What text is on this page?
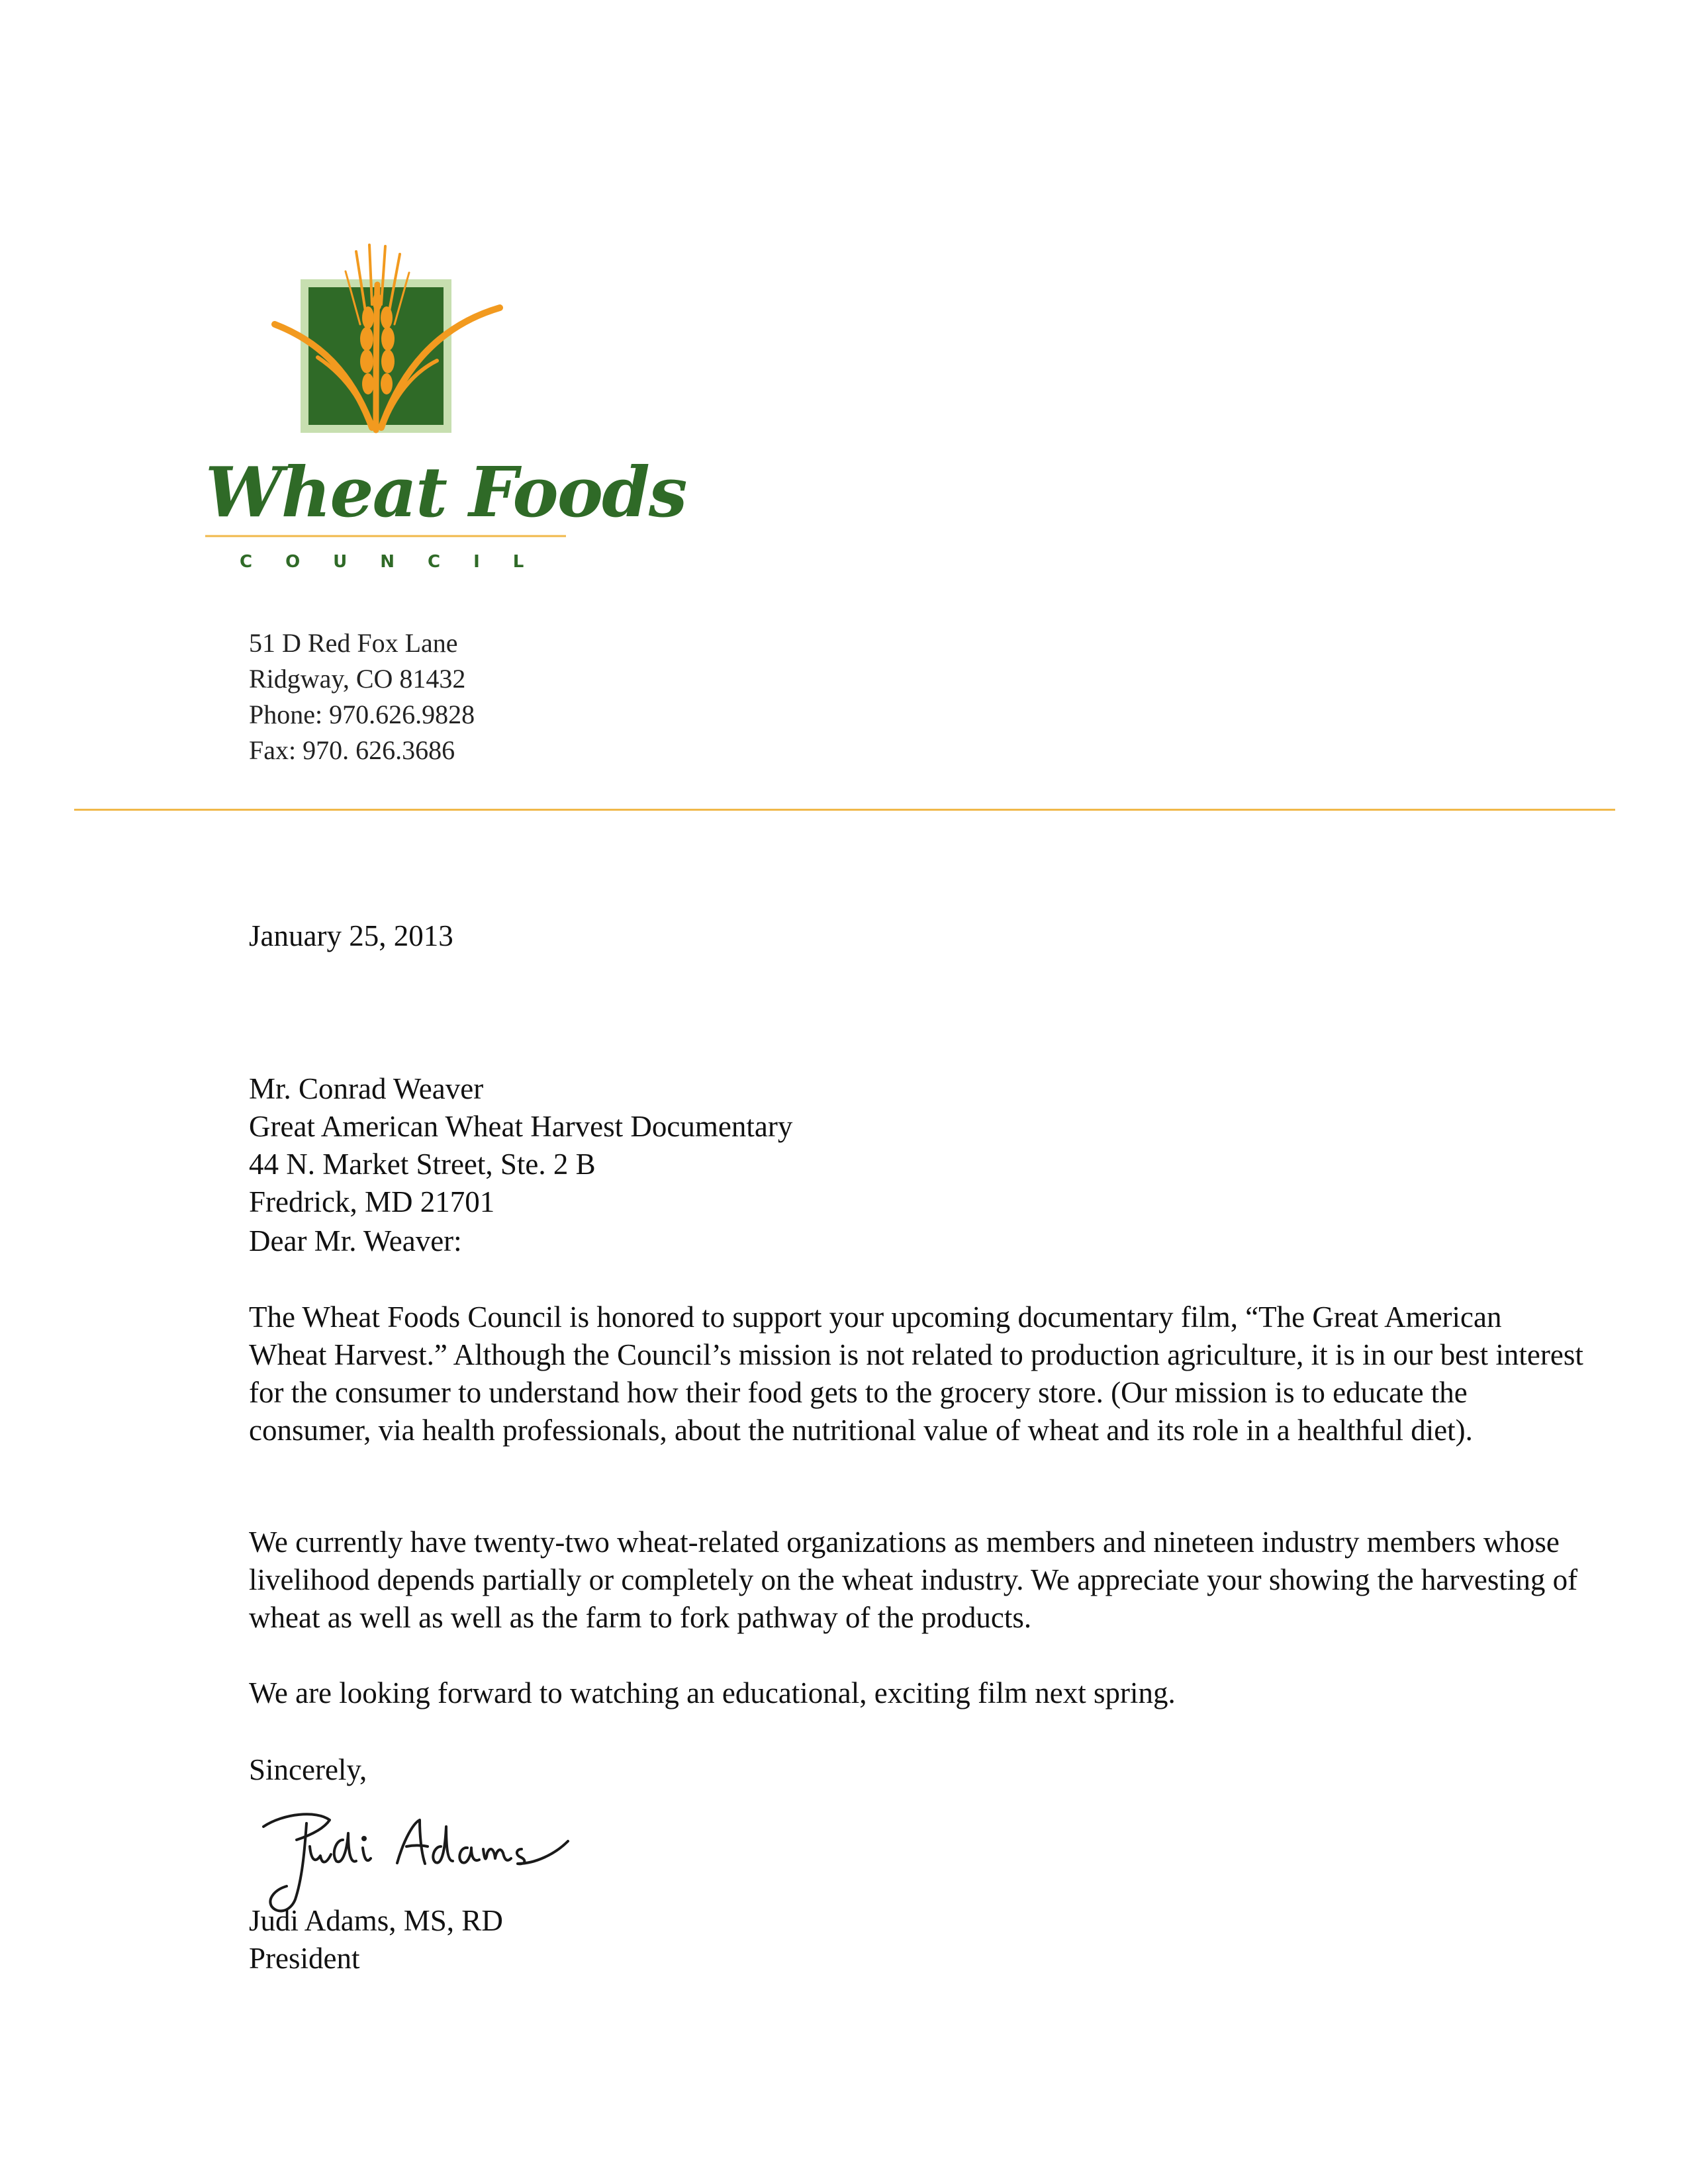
Wheat Foods
COUNCIL
51 D Red Fox Lane
Ridgway, CO 81432
Phone: 970.626.9828
Fax: 970. 626.3686
January 25, 2013
Mr. Conrad Weaver
Great American Wheat Harvest Documentary
44 N. Market Street, Ste. 2 B
Fredrick, MD 21701
Dear Mr. Weaver:
The Wheat Foods Council is honored to support your upcoming documentary film, “The Great American Wheat Harvest.” Although the Council’s mission is not related to production agriculture, it is in our best interest for the consumer to understand how their food gets to the grocery store. (Our mission is to educate the consumer, via health professionals, about the nutritional value of wheat and its role in a healthful diet).
We currently have twenty-two wheat-related organizations as members and nineteen industry members whose livelihood depends partially or completely on the wheat industry. We appreciate your showing the harvesting of wheat as well as well as the farm to fork pathway of the products.
We are looking forward to watching an educational, exciting film next spring.
Sincerely,
Judi Adams, MS, RD
President
